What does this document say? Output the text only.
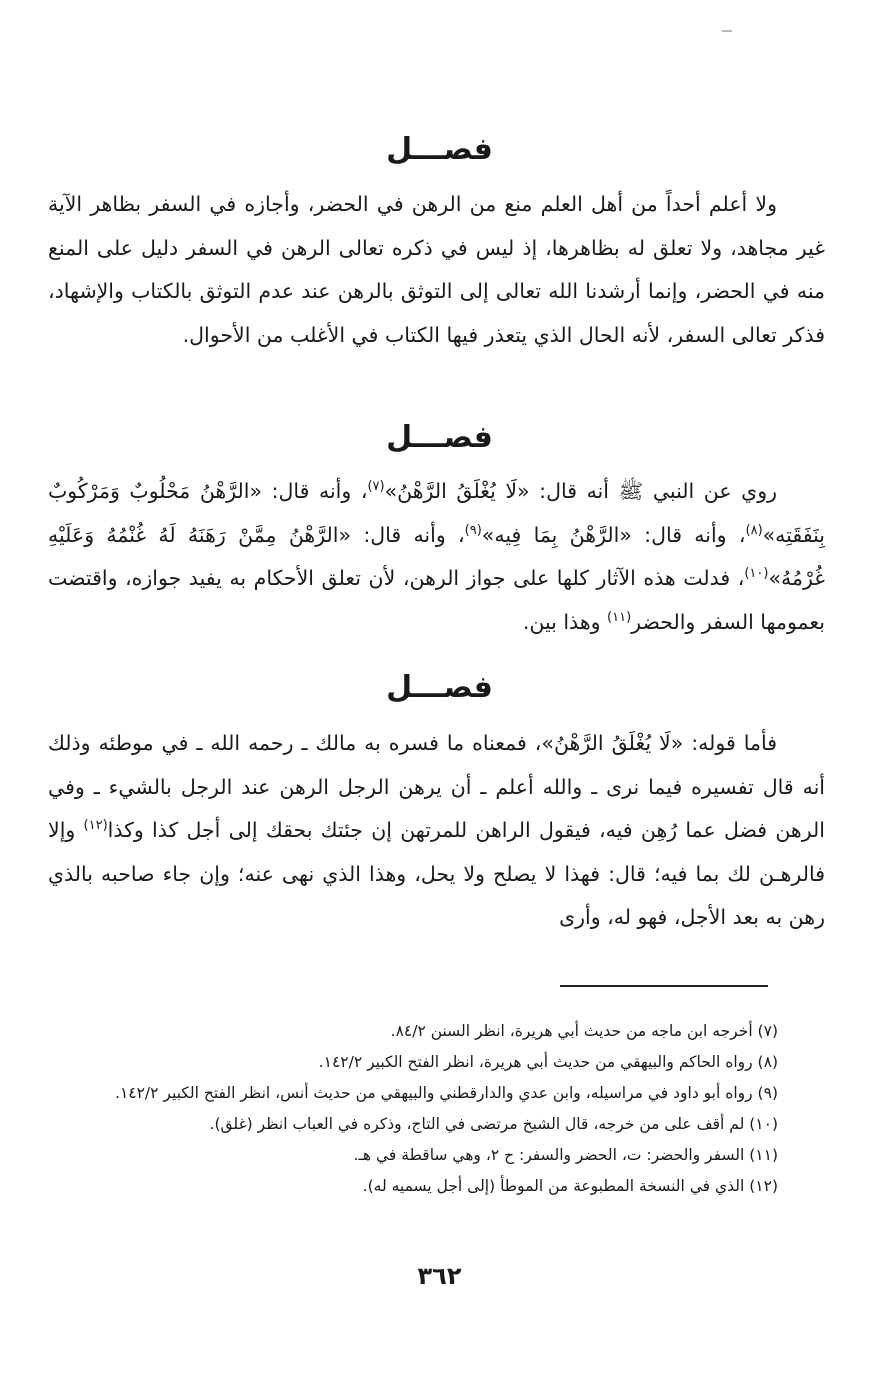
فصـــل

ولا أعلم أحداً من أهل العلم منع من الرهن في الحضر، وأجازه في السفر بظاهر الآية غير مجاهد، ولا تعلق له بظاهرها، إذ ليس في ذكره تعالى الرهن في السفر دليل على المنع منه في الحضر، وإنما أرشدنا الله تعالى إلى التوثق بالرهن عند عدم التوثق بالكتاب والإشهاد، فذكر تعالى السفر، لأنه الحال الذي يتعذر فيها الكتاب في الأغلب من الأحوال.

فصـــل

روي عن النبي ﷺ أنه قال: «لَا يُغْلَقُ الرَّهْنُ»$^{(٧)}$، وأنه قال: «الرَّهْنُ مَحْلُوبٌ وَمَرْكُوبٌ بِنَفَقَتِه»$^{(٨)}$، وأنه قال: «الرَّهْنُ بِمَا فِيه»$^{(٩)}$، وأنه قال: «الرَّهْنُ مِمَّنْ رَهَنَهُ لَهُ غُنْمُهُ وَعَلَيْهِ غُرْمُهُ»$^{(١٠)}$، فدلت هذه الآثار كلها على جواز الرهن، لأن تعلق الأحكام به يفيد جوازه، واقتضت بعمومها السفر والحضر$^{(١١)}$ وهذا بين.

فصـــل

فأما قوله: «لَا يُغْلَقُ الرَّهْنُ»، فمعناه ما فسره به مالك ـ رحمه الله ـ في موطئه وذلك أنه قال تفسيره فيما نرى ـ والله أعلم ـ أن يرهن الرجل الرهن عند الرجل بالشيء ـ وفي الرهن فضل عما رُهِن فيه، فيقول الراهن للمرتهن إن جئتك بحقك إلى أجل كذا وكذا$^{(١٢)}$ وإلا فالرهـن لك بما فيه؛ قال: فهذا لا يصلح ولا يحل، وهذا الذي نهى عنه؛ وإن جاء صاحبه بالذي رهن به بعد الأجل، فهو له، وأرى

(٧) أخرجه ابن ماجه من حديث أبي هريرة، انظر السنن ٨٤/٢.

(٨) رواه الحاكم والبيهقي من حديث أبي هريرة، انظر الفتح الكبير ١٤٢/٢.

(٩) رواه أبو داود في مراسيله، وابن عدي والدارقطني والبيهقي من حديث أنس، انظر الفتح الكبير ١٤٢/٢.

(١٠) لم أقف على من خرجه، قال الشيخ مرتضى في التاج، وذكره في العباب انظر (غلق).

(١١) السفر والحضر: ت، الحضر والسفر: ح ٢، وهي ساقطة في هـ.

(١٢) الذي في النسخة المطبوعة من الموطأ (إلى أجل يسميه له).

٣٦٢
